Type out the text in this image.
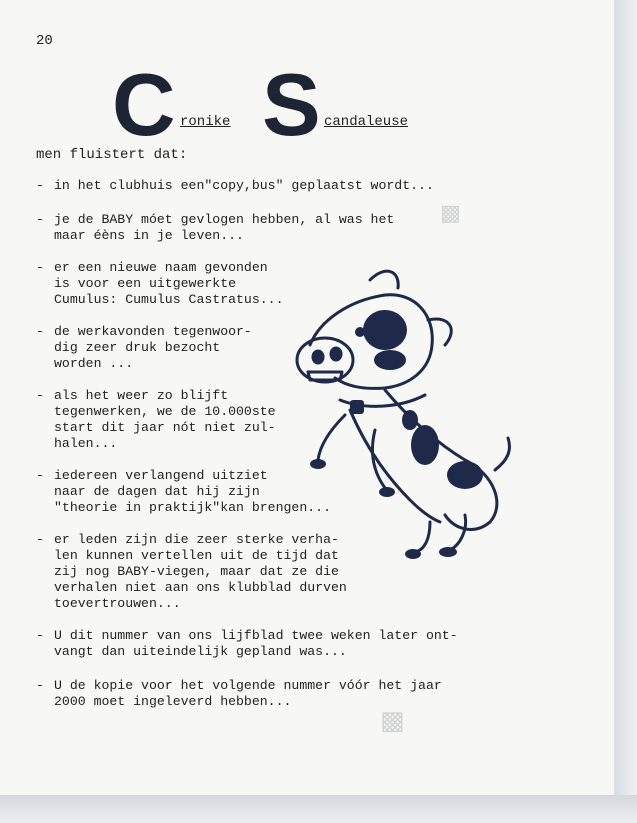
20
C ronike S candaleuse
men fluistert dat:
- in het clubhuis een"copy,bus" geplaatst wordt...
- je de BABY móet gevlogen hebben, al was het
maar éèns in je leven...
- er een nieuwe naam gevonden
is voor een uitgewerkte
Cumulus: Cumulus Castratus...
- de werkavonden tegenwoor-
dig zeer druk bezocht
worden ...
- als het weer zo blijft
tegenwerken, we de 10.000ste
start dit jaar nót niet zul-
halen...
- iedereen verlangend uitziet
naar de dagen dat hij zijn
"theorie in praktijk"kan brengen...
- er leden zijn die zeer sterke verha-
len kunnen vertellen uit de tijd dat
zij nog BABY-viegen, maar dat ze die
verhalen niet aan ons klubblad durven
toevertrouwen...
- U dit nummer van ons lijfblad twee weken later ont-
vangt dan uiteindelijk gepland was...
- U de kopie voor het volgende nummer vóór het jaar
2000 moet ingeleverd hebben...
▩
▩
